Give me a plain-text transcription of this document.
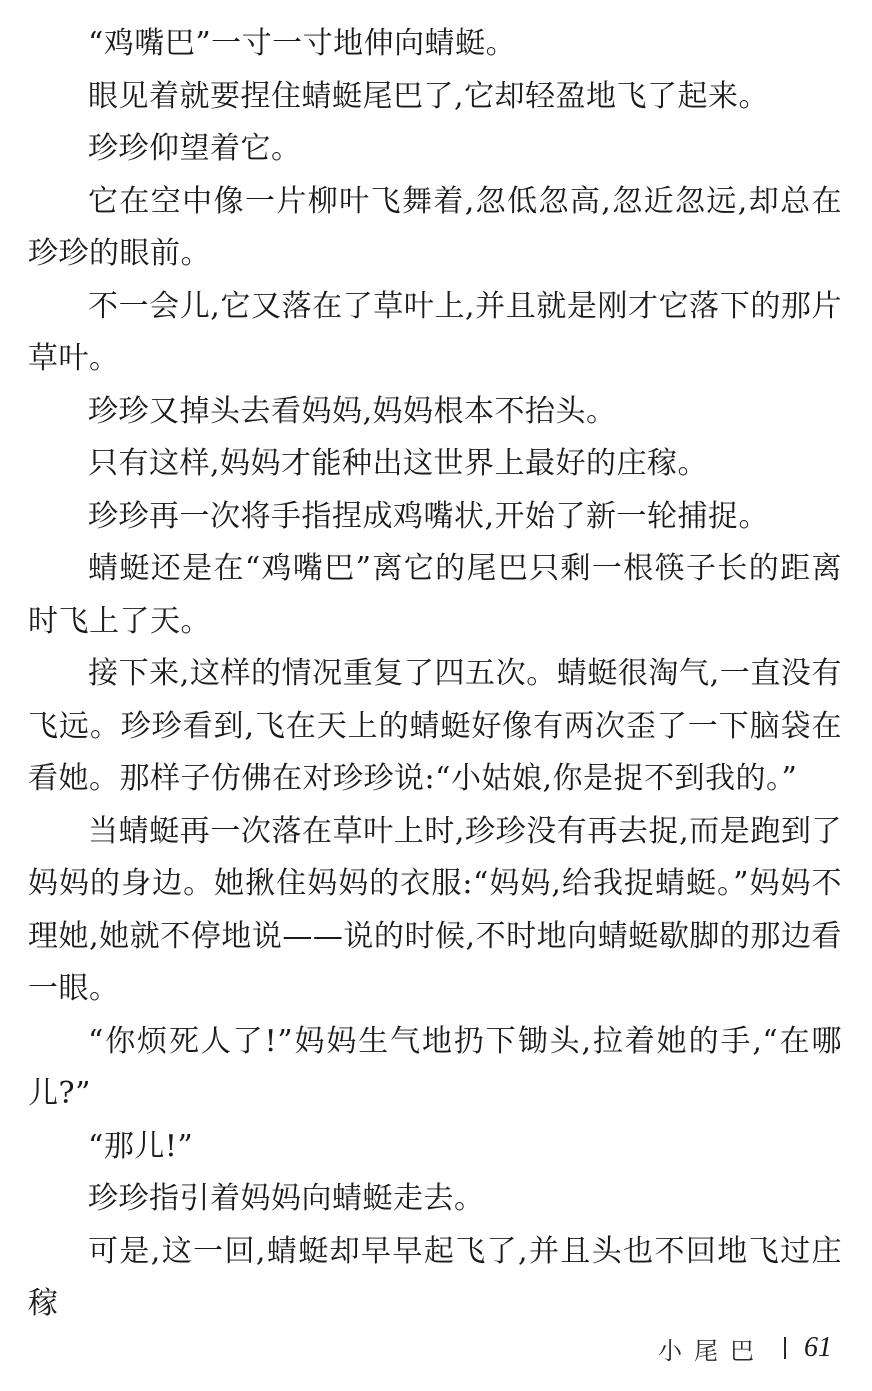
“鸡嘴巴”一寸一寸地伸向蜻蜓。

眼见着就要捏住蜻蜓尾巴了,它却轻盈地飞了起来。

珍珍仰望着它。

它在空中像一片柳叶飞舞着,忽低忽高,忽近忽远,却总在珍珍的眼前。

不一会儿,它又落在了草叶上,并且就是刚才它落下的那片草叶。

珍珍又掉头去看妈妈,妈妈根本不抬头。

只有这样,妈妈才能种出这世界上最好的庄稼。

珍珍再一次将手指捏成鸡嘴状,开始了新一轮捕捉。

蜻蜓还是在“鸡嘴巴”离它的尾巴只剩一根筷子长的距离时飞上了天。

接下来,这样的情况重复了四五次。蜻蜓很淘气,一直没有飞远。珍珍看到,飞在天上的蜻蜓好像有两次歪了一下脑袋在看她。那样子仿佛在对珍珍说:“小姑娘,你是捉不到我的。”

当蜻蜓再一次落在草叶上时,珍珍没有再去捉,而是跑到了妈妈的身边。她揪住妈妈的衣服:“妈妈,给我捉蜻蜓。”妈妈不理她,她就不停地说——说的时候,不时地向蜻蜓歇脚的那边看一眼。

“你烦死人了!”妈妈生气地扔下锄头,拉着她的手,“在哪儿?”

“那儿!”

珍珍指引着妈妈向蜻蜓走去。

可是,这一回,蜻蜓却早早起飞了,并且头也不回地飞过庄稼

小尾巴 61
